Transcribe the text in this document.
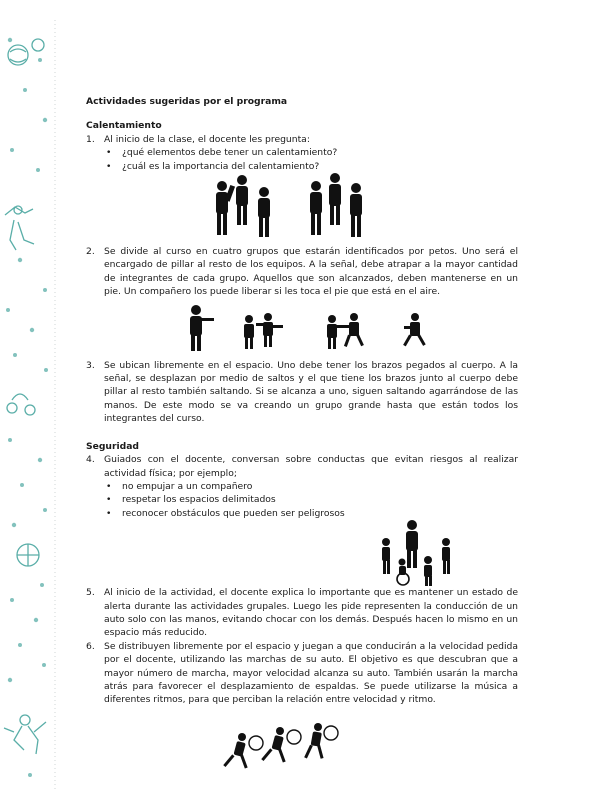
Actividades sugeridas por el programa

Calentamiento

1. Al inicio de la clase, el docente les pregunta:
• ¿qué elementos debe tener un calentamiento?
• ¿cuál es la importancia del calentamiento?
2. Se divide al curso en cuatro grupos que estarán identificados por petos. Uno será el encargado de pillar al resto de los equipos. A la señal, debe atrapar a la mayor cantidad de integrantes de cada grupo. Aquellos que son alcanzados, deben mantenerse en un pie. Un compañero los puede liberar si les toca el pie que está en el aire.
3. Se ubican libremente en el espacio. Uno debe tener los brazos pegados al cuerpo. A la señal, se desplazan por medio de saltos y el que tiene los brazos junto al cuerpo debe pillar al resto también saltando. Si se alcanza a uno, siguen saltando agarrándose de las manos. De este modo se va creando un grupo grande hasta que están todos los integrantes del curso.

Seguridad

4. Guiados con el docente, conversan sobre conductas que evitan riesgos al realizar actividad física; por ejemplo;
• no empujar a un compañero
• respetar los espacios delimitados
• reconocer obstáculos que pueden ser peligrosos
5. Al inicio de la actividad, el docente explica lo importante que es mantener un estado de alerta durante las actividades grupales. Luego les pide representen la conducción de un auto solo con las manos, evitando chocar con los demás. Después hacen lo mismo en un espacio más reducido.
6. Se distribuyen libremente por el espacio y juegan a que conducirán a la velocidad pedida por el docente, utilizando las marchas de su auto. El objetivo es que descubran que a mayor número de marcha, mayor velocidad alcanza su auto. También usarán la marcha atrás para favorecer el desplazamiento de espaldas. Se puede utilizarse la música a diferentes ritmos, para que perciban la relación entre velocidad y ritmo.
